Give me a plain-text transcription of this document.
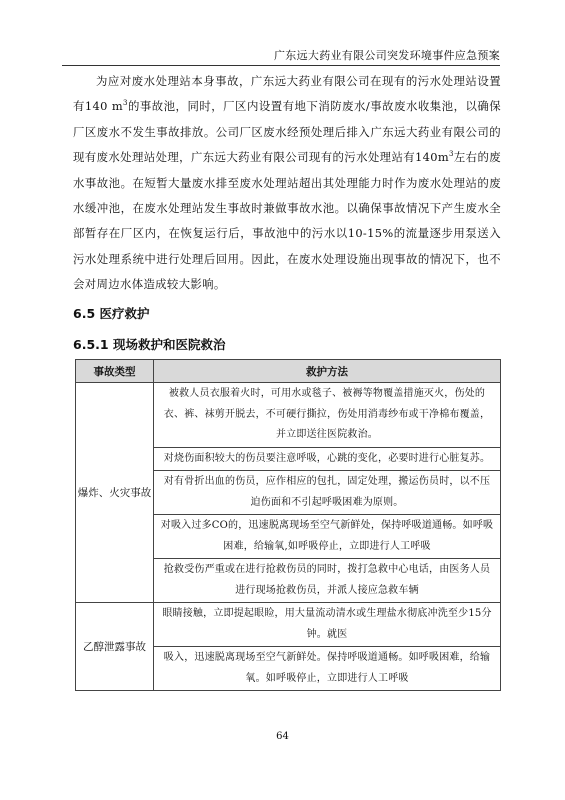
广东远大药业有限公司突发环境事件应急预案

为应对废水处理站本身事故，广东远大药业有限公司在现有的污水处理站设置有140 $m^3$的事故池，同时，厂区内设置有地下消防废水/事故废水收集池，以确保厂区废水不发生事故排放。公司厂区废水经预处理后排入广东远大药业有限公司的现有废水处理站处理，广东远大药业有限公司现有的污水处理站有$140m^3$左右的废水事故池。在短暂大量废水排至废水处理站超出其处理能力时作为废水处理站的废水缓冲池，在废水处理站发生事故时兼做事故水池。以确保事故情况下产生废水全部暂存在厂区内，在恢复运行后，事故池中的污水以10-15%的流量逐步用泵送入污水处理系统中进行处理后回用。因此，在废水处理设施出现事故的情况下，也不会对周边水体造成较大影响。

6.5 医疗救护
6.5.1 现场救护和医院救治
事故类型	救护方法
爆炸、火灾事故	被救人员衣服着火时，可用水或毯子、被褥等物覆盖措施灭火，伤处的衣、裤、袜剪开脱去，不可硬行撕拉，伤处用消毒纱布或干净棉布覆盖，并立即送往医院救治。
	对烧伤面积较大的伤员要注意呼吸，心跳的变化，必要时进行心脏复苏。
	对有骨折出血的伤员，应作相应的包扎，固定处理，搬运伤员时，以不压迫伤面和不引起呼吸困难为原则。
	对吸入过多CO的，迅速脱离现场至空气新鲜处，保持呼吸道通畅。如呼吸困难，给输氧,如呼吸停止，立即进行人工呼吸
	抢救受伤严重或在进行抢救伤员的同时，拨打急救中心电话，由医务人员进行现场抢救伤员，并派人接应急救车辆
乙醇泄露事故	眼睛接触，立即提起眼睑，用大量流动清水或生理盐水彻底冲洗至少15分钟。就医
	吸入，迅速脱离现场至空气新鲜处。保持呼吸道通畅。如呼吸困难，给输氧。如呼吸停止，立即进行人工呼吸
64
